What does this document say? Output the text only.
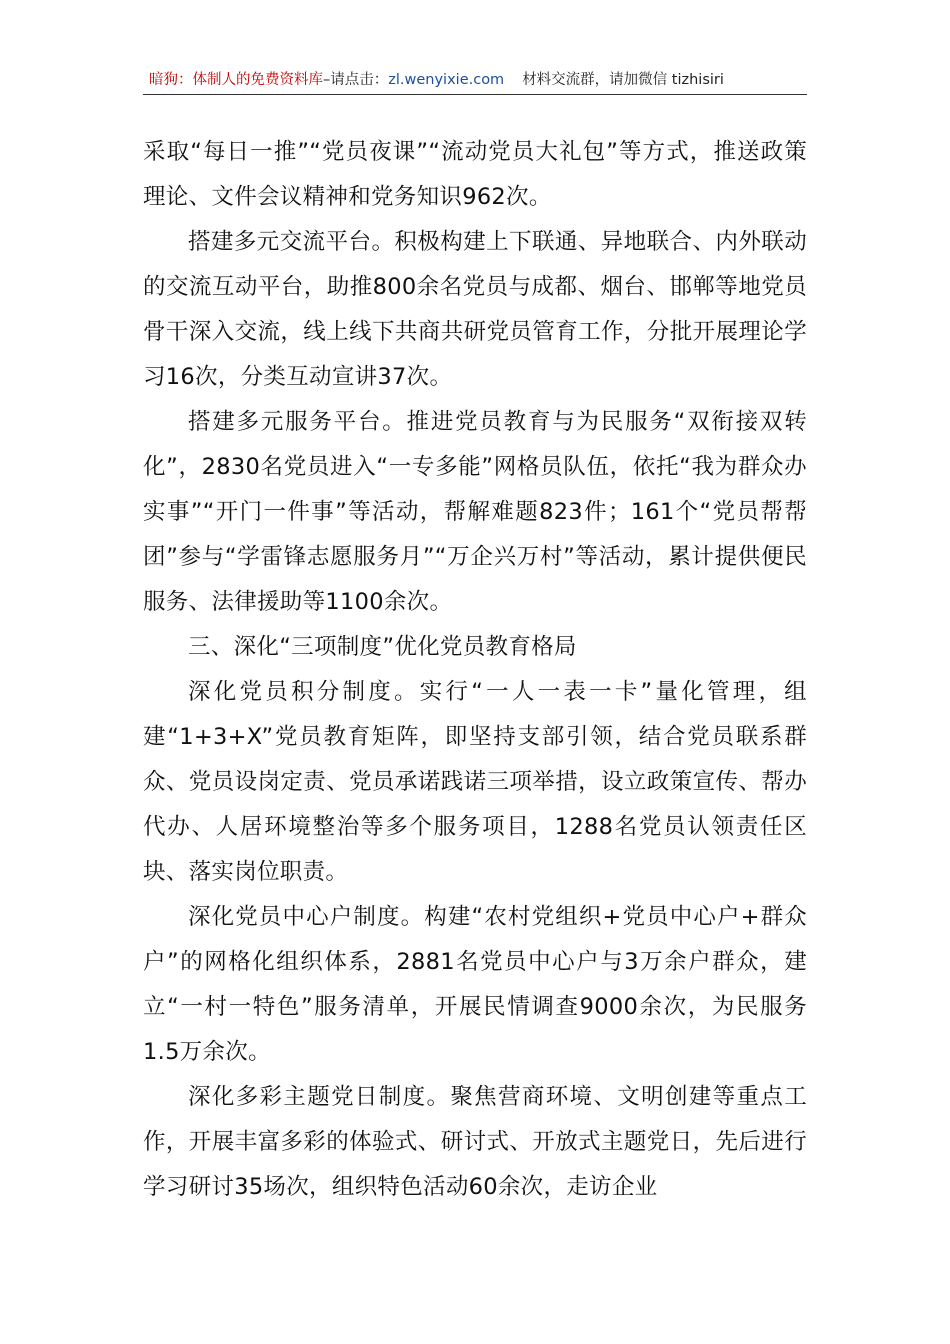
暗狗：体制人的免费资料库–请点击：zl.wenyixie.com 材料交流群，请加微信 tizhisiri

采取“每日一推”“党员夜课”“流动党员大礼包”等方式，推送政策理论、文件会议精神和党务知识962次。

搭建多元交流平台。积极构建上下联通、异地联合、内外联动的交流互动平台，助推800余名党员与成都、烟台、邯郸等地党员骨干深入交流，线上线下共商共研党员管育工作，分批开展理论学习16次，分类互动宣讲37次。

搭建多元服务平台。推进党员教育与为民服务“双衔接双转化”，2830名党员进入“一专多能”网格员队伍，依托“我为群众办实事”“开门一件事”等活动，帮解难题823件；161个“党员帮帮团”参与“学雷锋志愿服务月”“万企兴万村”等活动，累计提供便民服务、法律援助等1100余次。

三、深化“三项制度”优化党员教育格局

深化党员积分制度。实行“一人一表一卡”量化管理，组建“1+3+X”党员教育矩阵，即坚持支部引领，结合党员联系群众、党员设岗定责、党员承诺践诺三项举措，设立政策宣传、帮办代办、人居环境整治等多个服务项目，1288名党员认领责任区块、落实岗位职责。

深化党员中心户制度。构建“农村党组织+党员中心户+群众户”的网格化组织体系，2881名党员中心户与3万余户群众，建立“一村一特色”服务清单，开展民情调查9000余次，为民服务1.5万余次。

深化多彩主题党日制度。聚焦营商环境、文明创建等重点工作，开展丰富多彩的体验式、研讨式、开放式主题党日，先后进行学习研讨35场次，组织特色活动60余次，走访企业
